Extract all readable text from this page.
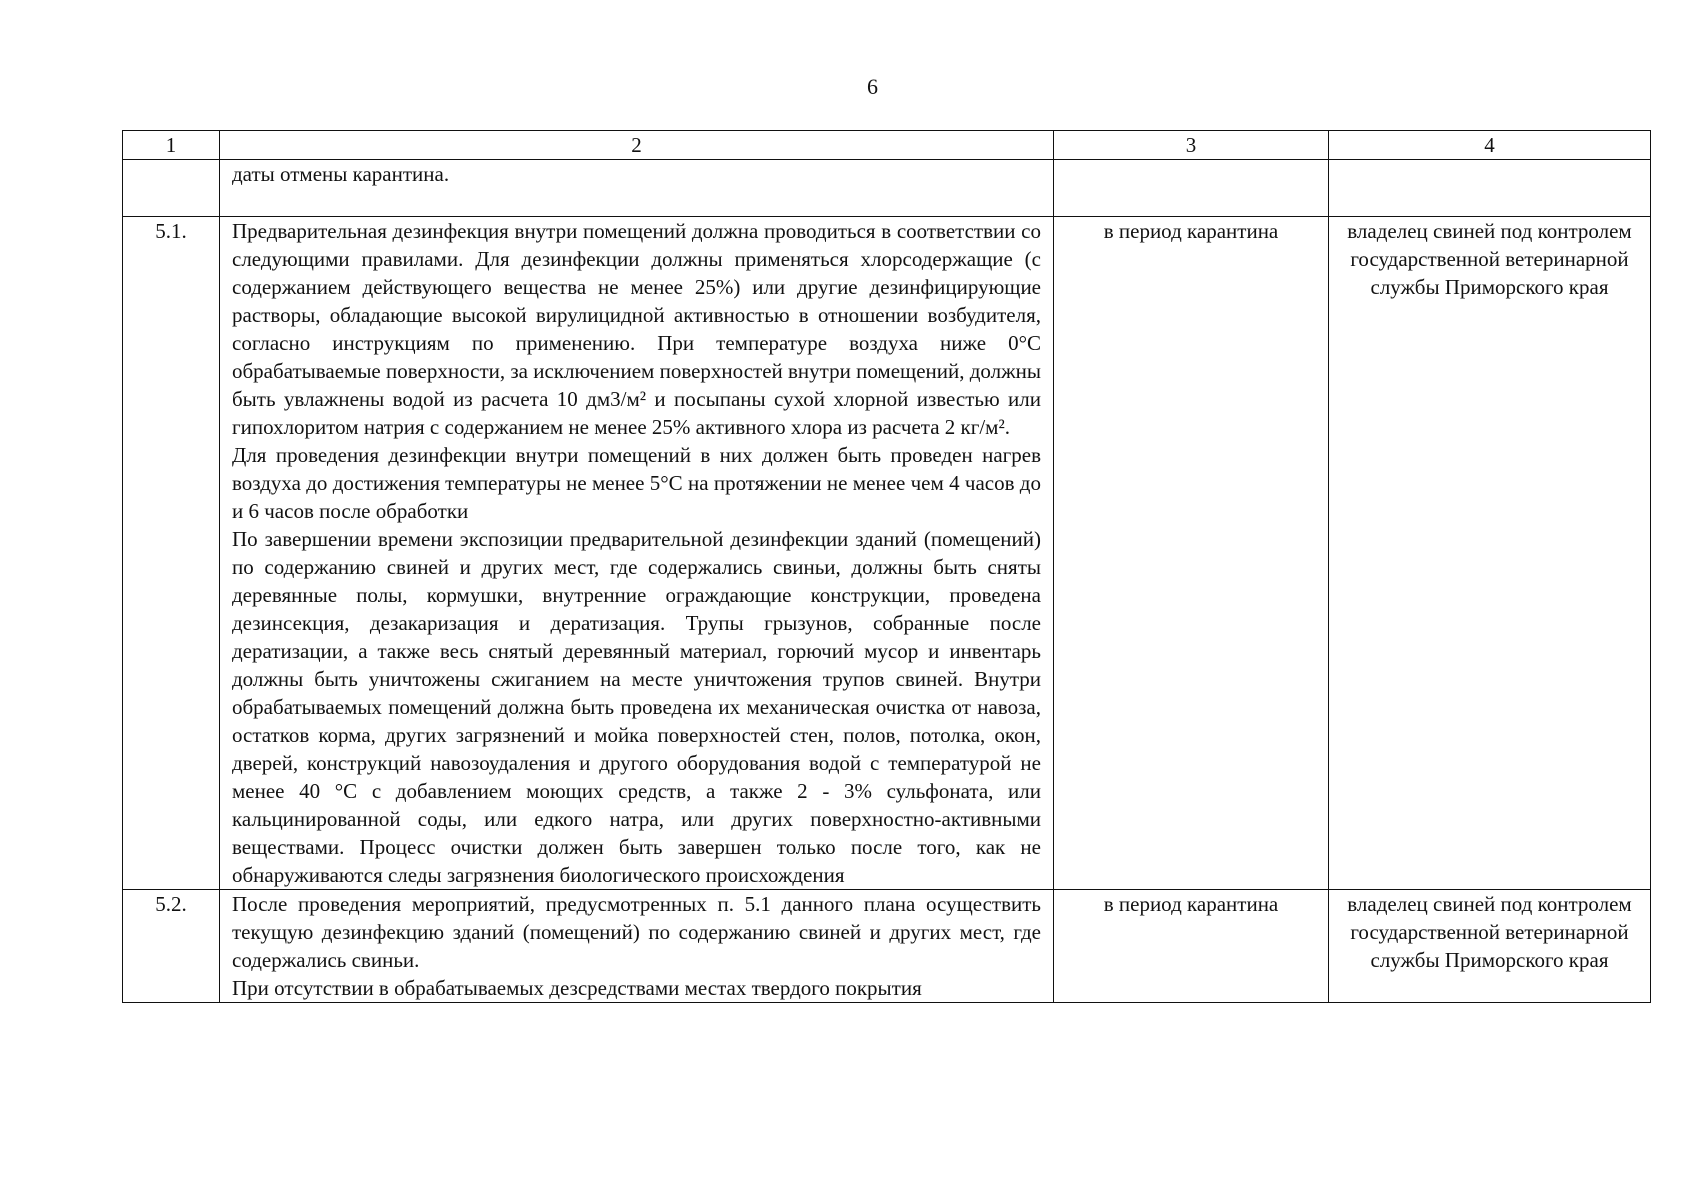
6
1	2	3	4
	даты отмены карантина.		
5.1.	Предварительная дезинфекция внутри помещений должна проводиться в соответствии со следующими правилами. Для дезинфекции должны применяться хлорсодержащие (с содержанием действующего вещества не менее 25%) или другие дезинфицирующие растворы, обладающие высокой вирулицидной активностью в отношении возбудителя, согласно инструкциям по применению. При температуре воздуха ниже 0°С обрабатываемые поверхности, за исключением поверхностей внутри помещений, должны быть увлажнены водой из расчета 10 дм3/м² и посыпаны сухой хлорной известью или гипохлоритом натрия с содержанием не менее 25% активного хлора из расчета 2 кг/м².

Для проведения дезинфекции внутри помещений в них должен быть проведен нагрев воздуха до достижения температуры не менее 5°С на протяжении не менее чем 4 часов до и 6 часов после обработки

По завершении времени экспозиции предварительной дезинфекции зданий (помещений) по содержанию свиней и других мест, где содержались свиньи, должны быть сняты деревянные полы, кормушки, внутренние ограждающие конструкции, проведена дезинсекция, дезакаризация и дератизация. Трупы грызунов, собранные после дератизации, а также весь снятый деревянный материал, горючий мусор и инвентарь должны быть уничтожены сжиганием на месте уничтожения трупов свиней. Внутри обрабатываемых помещений должна быть проведена их механическая очистка от навоза, остатков корма, других загрязнений и мойка поверхностей стен, полов, потолка, окон, дверей, конструкций навозоудаления и другого оборудования водой с температурой не менее 40 °С с добавлением моющих средств, а также 2 - 3% сульфоната, или кальцинированной соды, или едкого натра, или других поверхностно-активными веществами. Процесс очистки должен быть завершен только после того, как не обнаруживаются следы загрязнения биологического происхождения	в период карантина	владелец свиней под контролем государственной ветеринарной службы Приморского края
5.2.	После проведения мероприятий, предусмотренных п. 5.1 данного плана осуществить текущую дезинфекцию зданий (помещений) по содержанию свиней и других мест, где содержались свиньи.

При отсутствии в обрабатываемых дезсредствами местах твердого покрытия	в период карантина	владелец свиней под контролем государственной ветеринарной службы Приморского края
